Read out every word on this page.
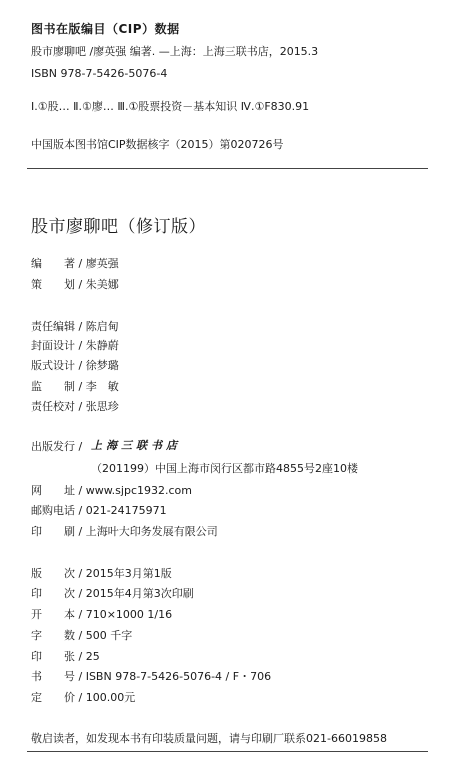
图书在版编目（CIP）数据
股市廖聊吧 /廖英强 编著. —上海：上海三联书店，2015.3
ISBN 978-7-5426-5076-4
Ⅰ.①股… Ⅱ.①廖… Ⅲ.①股票投资－基本知识 Ⅳ.①F830.91
中国版本图书馆CIP数据核字（2015）第020726号
股市廖聊吧（修订版）
编　　著 / 廖英强
策　　划 / 朱美娜
责任编辑 / 陈启甸
封面设计 / 朱静蔚
版式设计 / 徐梦璐
监　　制 / 李　敏
责任校对 / 张思珍
出版发行 / 上海三联书店
（201199）中国上海市闵行区都市路4855号2座10楼
网　　址 / www.sjpc1932.com
邮购电话 / 021-24175971
印　　刷 / 上海叶大印务发展有限公司
版　　次 / 2015年3月第1版
印　　次 / 2015年4月第3次印刷
开　　本 / 710×1000 1/16
字　　数 / 500 千字
印　　张 / 25
书　　号 / ISBN 978-7-5426-5076-4 / F・706
定　　价 / 100.00元
敬启读者，如发现本书有印装质量问题，请与印刷厂联系021-66019858
